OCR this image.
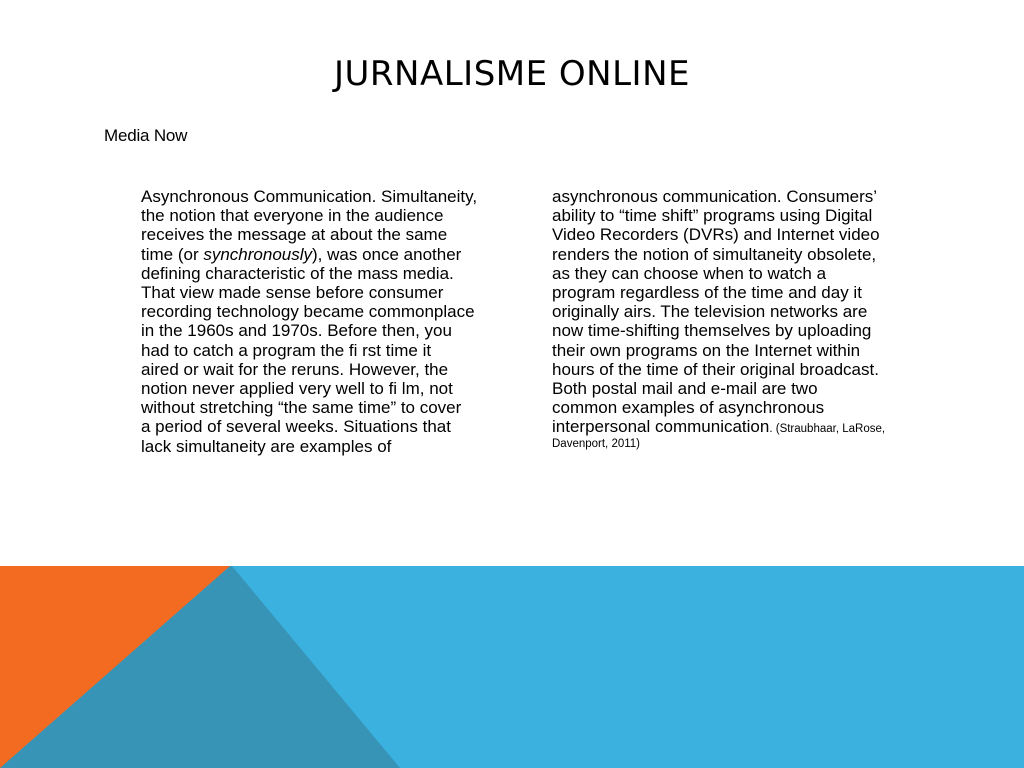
JURNALISME ONLINE
Media Now
Asynchronous Communication. Simultaneity,
the notion that everyone in the audience
receives the message at about the same
time (or synchronously), was once another
defining characteristic of the mass media.
That view made sense before consumer
recording technology became commonplace
in the 1960s and 1970s. Before then, you
had to catch a program the fi rst time it
aired or wait for the reruns. However, the
notion never applied very well to fi lm, not
without stretching “the same time” to cover
a period of several weeks. Situations that
lack simultaneity are examples of
asynchronous communication. Consumers’
ability to “time shift” programs using Digital
Video Recorders (DVRs) and Internet video
renders the notion of simultaneity obsolete,
as they can choose when to watch a
program regardless of the time and day it
originally airs. The television networks are
now time-shifting themselves by uploading
their own programs on the Internet within
hours of the time of their original broadcast.
Both postal mail and e-mail are two
common examples of asynchronous
interpersonal communication. (Straubhaar, LaRose,
Davenport, 2011)
